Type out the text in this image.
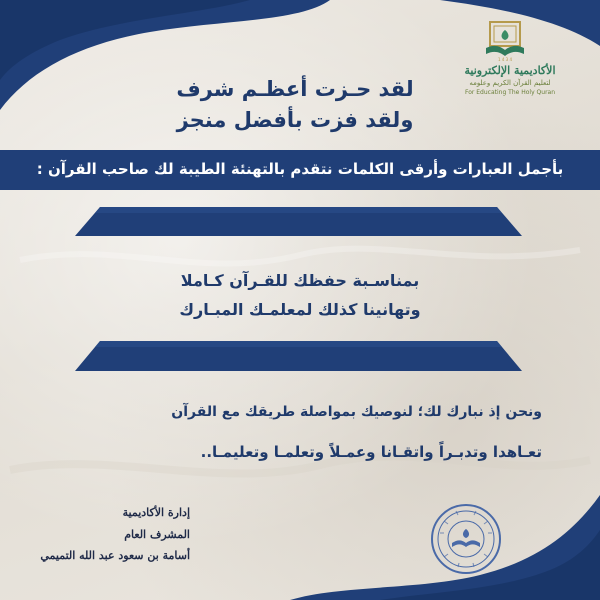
1 4 3 4
الأكاديمية الإلكترونية
لتعليم القرآن الكريم وعلومه
For Educating The Holy Quran
لقد حـزت أعظـم شرف
ولقد فزت بأفضل منجز
بأجمل العبارات وأرقى الكلمات نتقدم بالتهنئة الطيبة لك صاحب القرآن :
بمناسـبة حفظك للقـرآن كـاملا
وتهانينا كذلك لمعلمـك المبـارك
ونحن إذ نبارك لك؛ لنوصيك بمواصلة طريقك مع القرآن
تعـاهدا وتدبـراً واتقـانا وعمـلاً وتعلمـا وتعليمـا..
إدارة الأكاديمية
المشرف العام
أسامة بن سعود عبد الله التميمي
